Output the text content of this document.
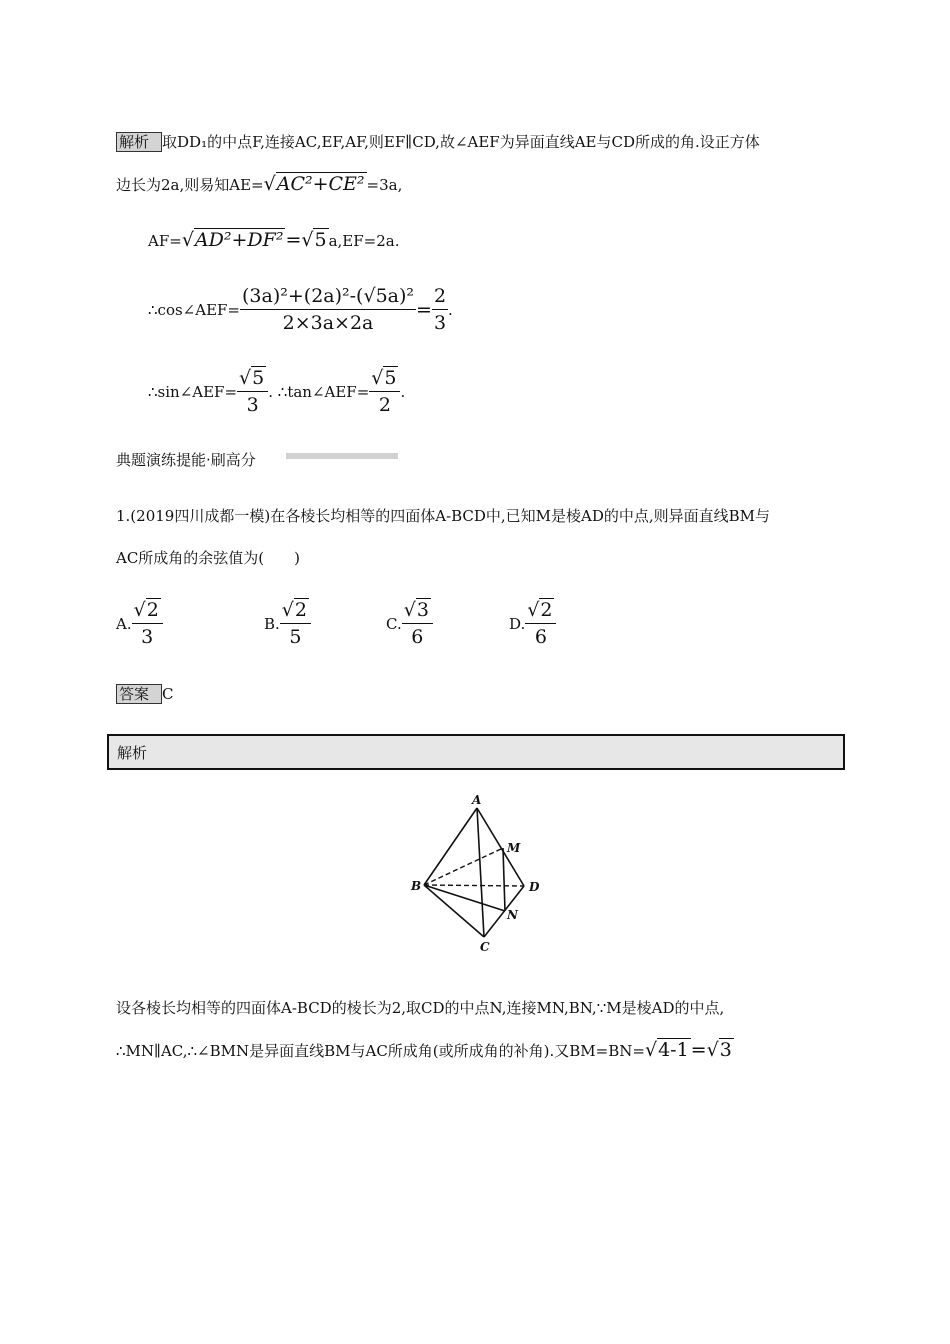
解析 取DD₁的中点F,连接AC,EF,AF,则EF∥CD,故∠AEF为异面直线AE与CD所成的角.设正方体
边长为2a,则易知AE=√AC²+CE² =3a,
AF=√AD²+DF² =√5 a,EF=2a.
∴cos∠AEF= $\frac{\text{(3a)²+(2a)²-(√5a)²}}{2\times 3a\times 2a} = \frac{2}{3}$ .
∴sin∠AEF= $\frac{√5}{3}$ . ∴tan∠AEF= $\frac{√5}{2}$ .
典题演练提能·刷高分
1.(2019四川成都一模)在各棱长均相等的四面体A-BCD中,已知M是棱AD的中点,则异面直线BM与
AC所成角的余弦值为(　　)
A. $\frac{√2}{3}$	B. $\frac{√2}{5}$	C. $\frac{√3}{6}$	D. $\frac{√2}{6}$
答案 C
解析
A
B
C
D
M
N
设各棱长均相等的四面体A-BCD的棱长为2,取CD的中点N,连接MN,BN,∵M是棱AD的中点,
∴MN∥AC,∴∠BMN是异面直线BM与AC所成角(或所成角的补角).又BM=BN=√4-1 =√3
